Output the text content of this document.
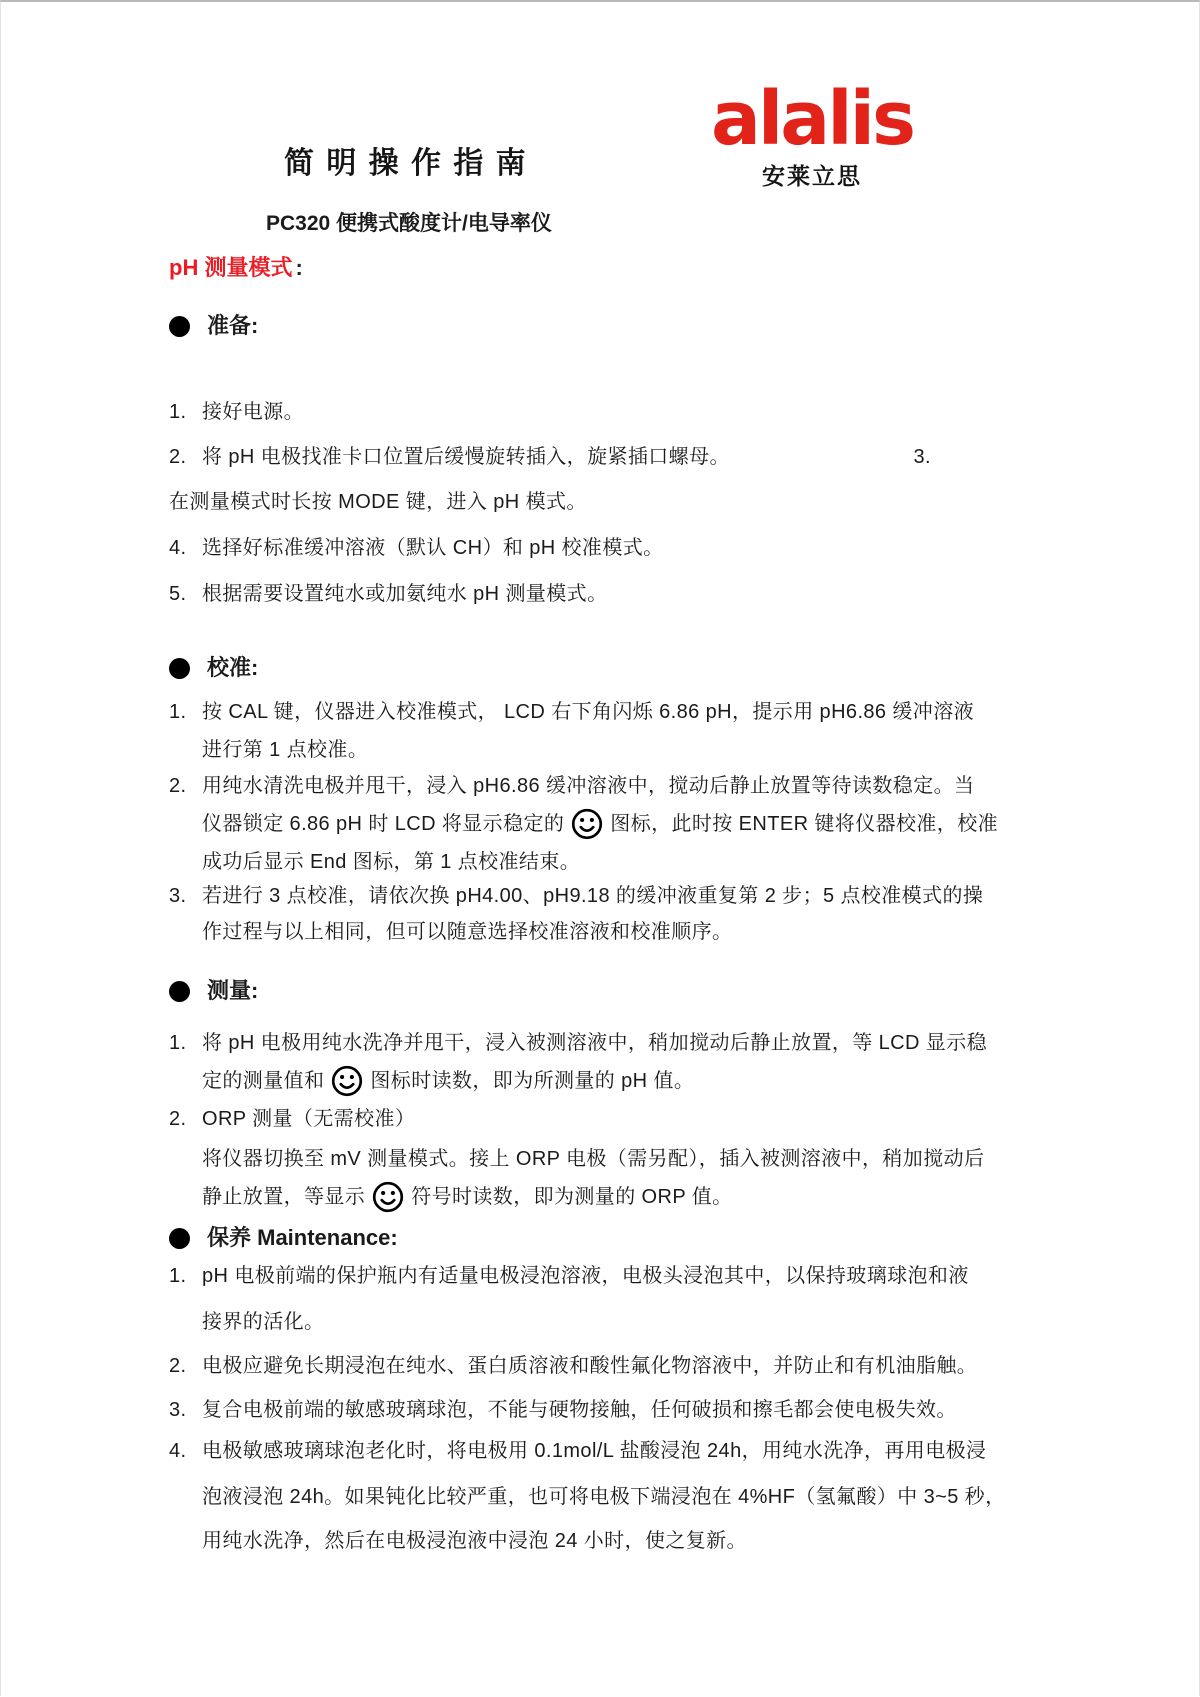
简 明 操 作 指 南
alalis
安莱立思
PC320 便携式酸度计/电导率仪
pH 测量模式 :
准备:
1. 接好电源。
2. 将 pH 电极找准卡口位置后缓慢旋转插入，旋紧插口螺母。	3.
在测量模式时长按 MODE 键，进入 pH 模式。
4. 选择好标准缓冲溶液（默认 CH）和 pH 校准模式。
5. 根据需要设置纯水或加氨纯水 pH 测量模式。
校准:
1. 按 CAL 键，仪器进入校准模式， LCD 右下角闪烁 6.86 pH，提示用 pH6.86 缓冲溶液
进行第 1 点校准。
2. 用纯水清洗电极并甩干，浸入 pH6.86 缓冲溶液中，搅动后静止放置等待读数稳定。当
仪器锁定 6.86 pH 时 LCD 将显示稳定的 图标，此时按 ENTER 键将仪器校准，校准
成功后显示 End 图标，第 1 点校准结束。
3. 若进行 3 点校准，请依次换 pH4.00、pH9.18 的缓冲液重复第 2 步；5 点校准模式的操
作过程与以上相同，但可以随意选择校准溶液和校准顺序。
测量:
1. 将 pH 电极用纯水洗净并甩干，浸入被测溶液中，稍加搅动后静止放置，等 LCD 显示稳
定的测量值和 图标时读数，即为所测量的 pH 值。
2. ORP 测量（无需校准）
将仪器切换至 mV 测量模式。接上 ORP 电极（需另配），插入被测溶液中，稍加搅动后
静止放置，等显示 符号时读数，即为测量的 ORP 值。
保养 Maintenance:
1. pH 电极前端的保护瓶内有适量电极浸泡溶液，电极头浸泡其中，以保持玻璃球泡和液
接界的活化。
2. 电极应避免长期浸泡在纯水、蛋白质溶液和酸性氟化物溶液中，并防止和有机油脂触。
3. 复合电极前端的敏感玻璃球泡，不能与硬物接触，任何破损和擦毛都会使电极失效。
4. 电极敏感玻璃球泡老化时，将电极用 0.1mol/L 盐酸浸泡 24h，用纯水洗净，再用电极浸
泡液浸泡 24h。如果钝化比较严重，也可将电极下端浸泡在 4%HF（氢氟酸）中 3~5 秒，
用纯水洗净，然后在电极浸泡液中浸泡 24 小时，使之复新。
